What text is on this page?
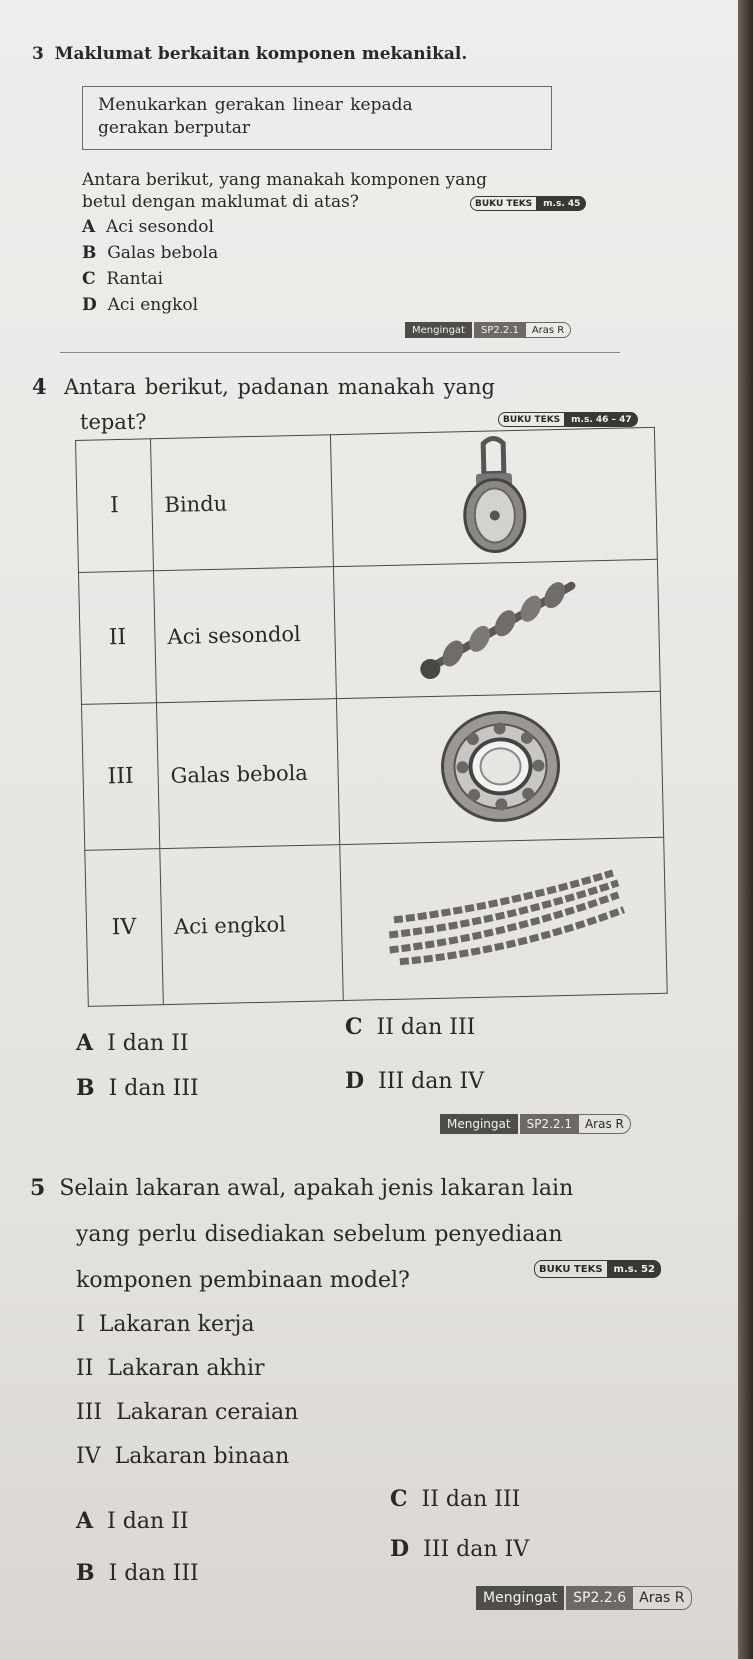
3 Maklumat berkaitan komponen mekanikal.
Menukarkan gerakan linear kepada
gerakan berputar
Antara berikut, yang manakah komponen yang
betul dengan maklumat di atas?	BUKU TEKS	m.s. 45
A Aci sesondol
B Galas bebola
C Rantai
D Aci engkol
Mengingat	SP2.2.1	Aras R
4 Antara berikut, padanan manakah yang
tepat?	BUKU TEKS	m.s. 46 – 47
I	Bindu	
II	Aci sesondol	
III	Galas bebola	
IV	Aci engkol	
A I dan II
C II dan III
B I dan III	D III dan IV
Mengingat	SP2.2.1	Aras R
5 Selain lakaran awal, apakah jenis lakaran lain
yang perlu disediakan sebelum penyediaan
komponen pembinaan model?	BUKU TEKS	m.s. 52
I Lakaran kerja
II Lakaran akhir
III Lakaran ceraian
IV Lakaran binaan
A I dan II
C II dan III
B I dan III
D III dan IV
Mengingat	SP2.2.6 Aras R
